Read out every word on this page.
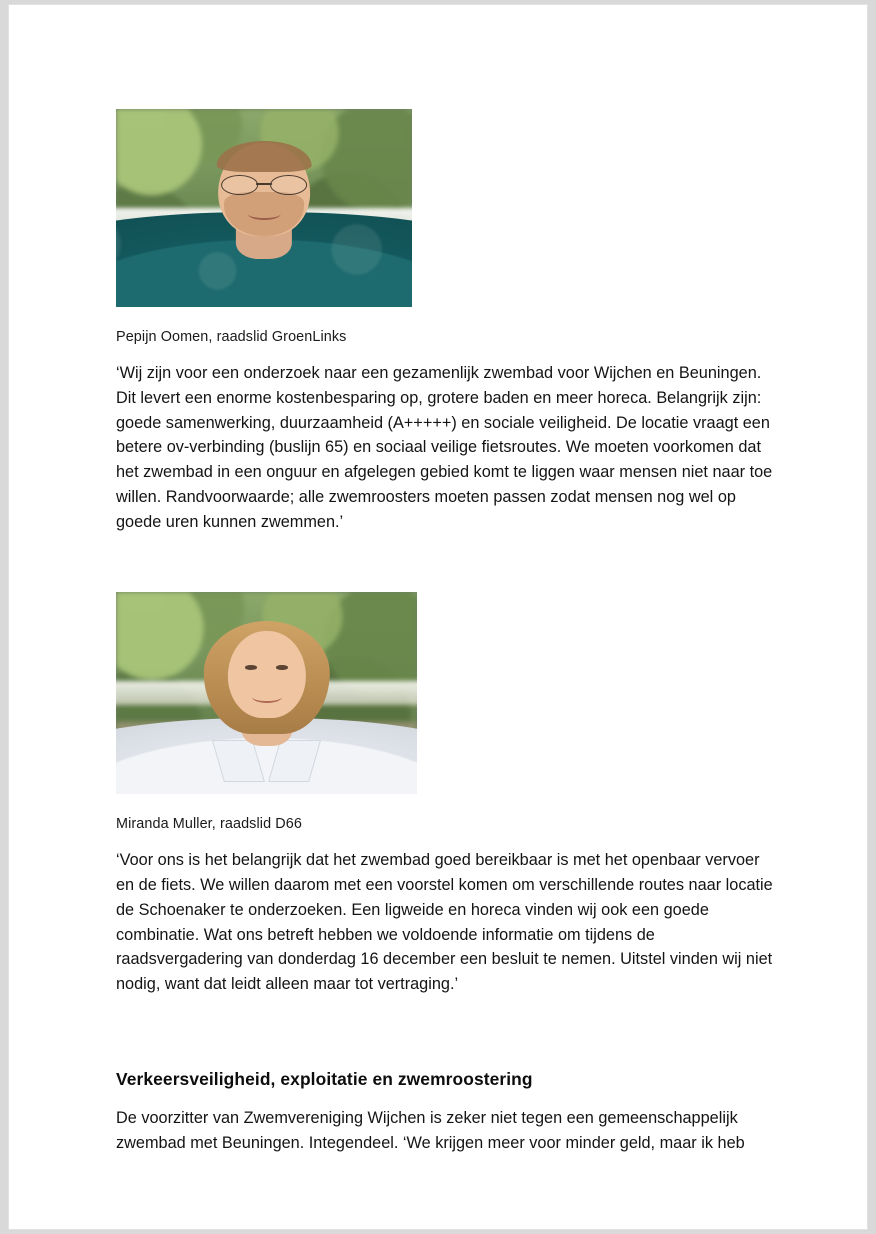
Pepijn Oomen, raadslid GroenLinks

‘Wij zijn voor een onderzoek naar een gezamenlijk zwembad voor Wijchen en Beuningen. Dit levert een enorme kostenbesparing op, grotere baden en meer horeca. Belangrijk zijn: goede samenwerking, duurzaamheid (A+++++) en sociale veiligheid. De locatie vraagt een betere ov-verbinding (buslijn 65) en sociaal veilige fietsroutes. We moeten voorkomen dat het zwembad in een onguur en afgelegen gebied komt te liggen waar mensen niet naar toe willen. Randvoorwaarde; alle zwemroosters moeten passen zodat mensen nog wel op goede uren kunnen zwemmen.’

Miranda Muller, raadslid D66

‘Voor ons is het belangrijk dat het zwembad goed bereikbaar is met het openbaar vervoer en de fiets. We willen daarom met een voorstel komen om verschillende routes naar locatie de Schoenaker te onderzoeken. Een ligweide en horeca vinden wij ook een goede combinatie. Wat ons betreft hebben we voldoende informatie om tijdens de raadsvergadering van donderdag 16 december een besluit te nemen. Uitstel vinden wij niet nodig, want dat leidt alleen maar tot vertraging.’

Verkeersveiligheid, exploitatie en zwemroostering

De voorzitter van Zwemvereniging Wijchen is zeker niet tegen een gemeenschappelijk zwembad met Beuningen. Integendeel. ‘We krijgen meer voor minder geld, maar ik heb
